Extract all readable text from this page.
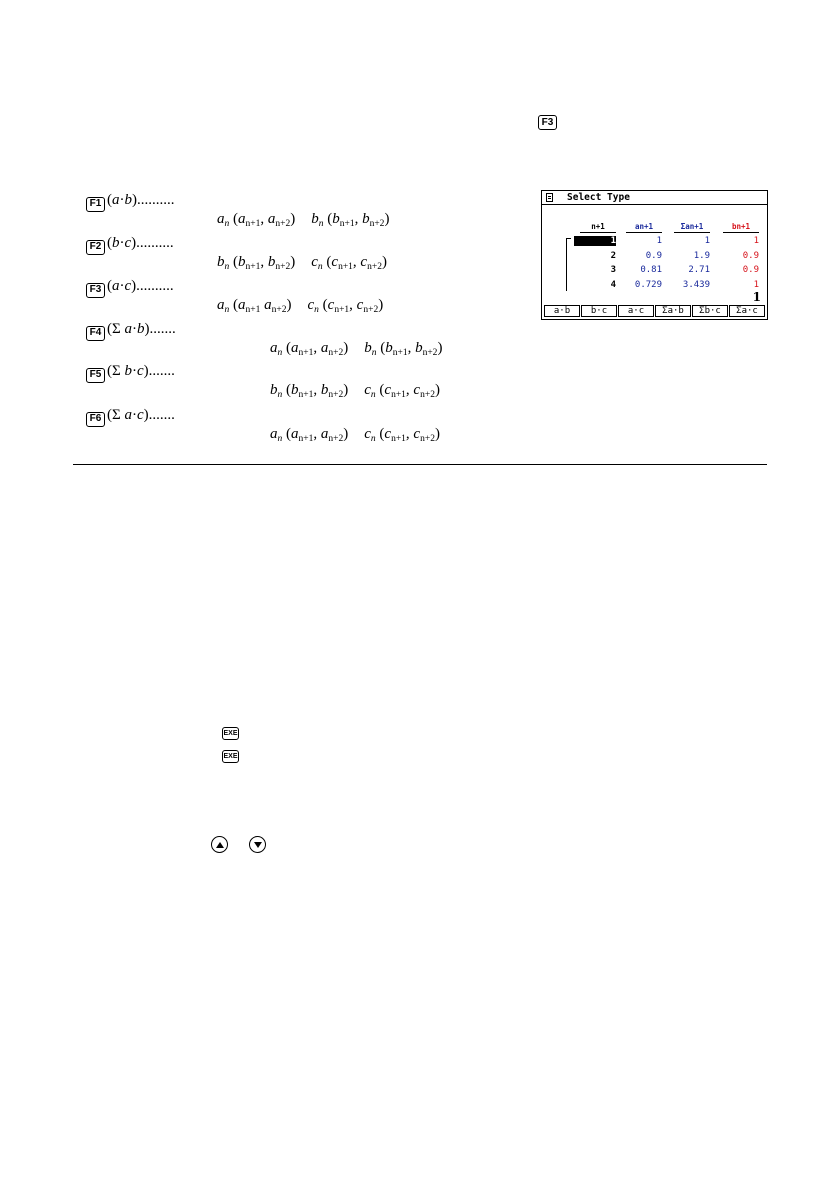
F3
F1 (a·b)..........
$a_n$ ($a_{n+1}$, $a_{n+2}$) $b_n$ ($b_{n+1}$, $b_{n+2}$)
F2 (b·c)..........
$b_n$ ($b_{n+1}$, $b_{n+2}$) $c_n$ ($c_{n+1}$, $c_{n+2}$)
F3 (a·c)..........
$a_n$ ($a_{n+1}$ $a_{n+2}$) $c_n$ ($c_{n+1}$, $c_{n+2}$)
F4 (Σ a·b).......
$a_n$ ($a_{n+1}$, $a_{n+2}$) $b_n$ ($b_{n+1}$, $b_{n+2}$)
F5 (Σ b·c).......
$b_n$ ($b_{n+1}$, $b_{n+2}$) $c_n$ ($c_{n+1}$, $c_{n+2}$)
F6 (Σ a·c).......
$a_n$ ($a_{n+1}$, $a_{n+2}$) $c_n$ ($c_{n+1}$, $c_{n+2}$)
Select Type
n+1	an+1	Σan+1	bn+1
1	1	1	1
2	0.9	1.9	0.9
3	0.81	2.71	0.9
4	0.729	3.439	1
1
a·b	b·c	a·c	Σa·b	Σb·c	Σa·c
EXE
EXE
